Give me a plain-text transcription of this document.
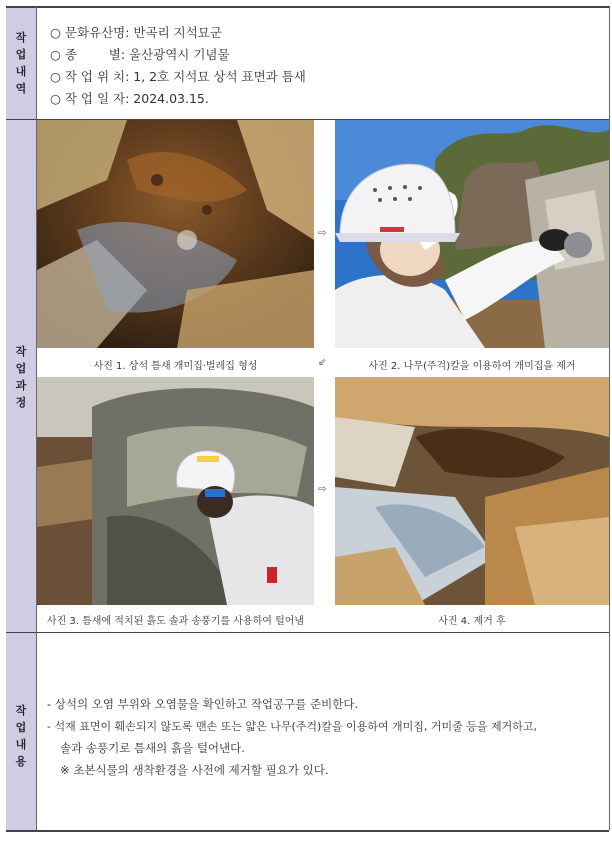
작
업
내
역
작
업
과
정
작
업
내
용
○ 문화유산명: 반곡리 지석묘군
○ 종        별: 울산광역시 기념물
○ 작 업 위 치: 1, 2호 지석묘 상석 표면과 틈새
○ 작 업 일 자: 2024.03.15.
사진 1. 상석 틈새 개미집·벌레집 형성	사진 2. 나무(주걱)칼을 이용하여 개미집을 제거
⇨
⇙
⇨
사진 3. 틈새에 적치된 흙도 솔과 송풍기를 사용하여 털어냄	사진 4. 제거 후
- 상석의 오염 부위와 오염물을 확인하고 작업공구를 준비한다.
- 석재 표면이 훼손되지 않도록 맨손 또는 얇은 나무(주걱)칼을 이용하여 개미집, 거미줄 등을 제거하고,
솔과 송풍기로 틈새의 흙을 털어낸다.
※ 초본식물의 생착환경을 사전에 제거할 필요가 있다.
